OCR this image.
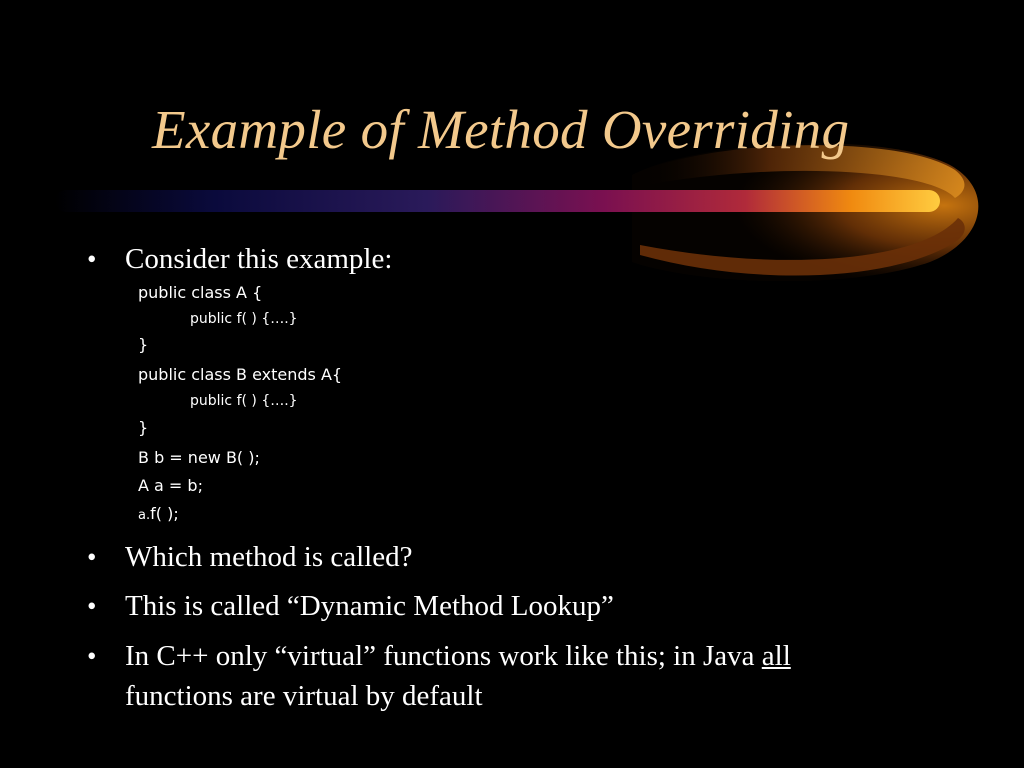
Example of Method Overriding
• Consider this example:
public class A {
public f( ) {….}
}
public class B extends A{
public f( ) {….}
}
B b = new B( );
A a = b;
a.f( );
• Which method is called?
• This is called “Dynamic Method Lookup”
• In C++ only “virtual” functions work like this; in Java all
functions are virtual by default
